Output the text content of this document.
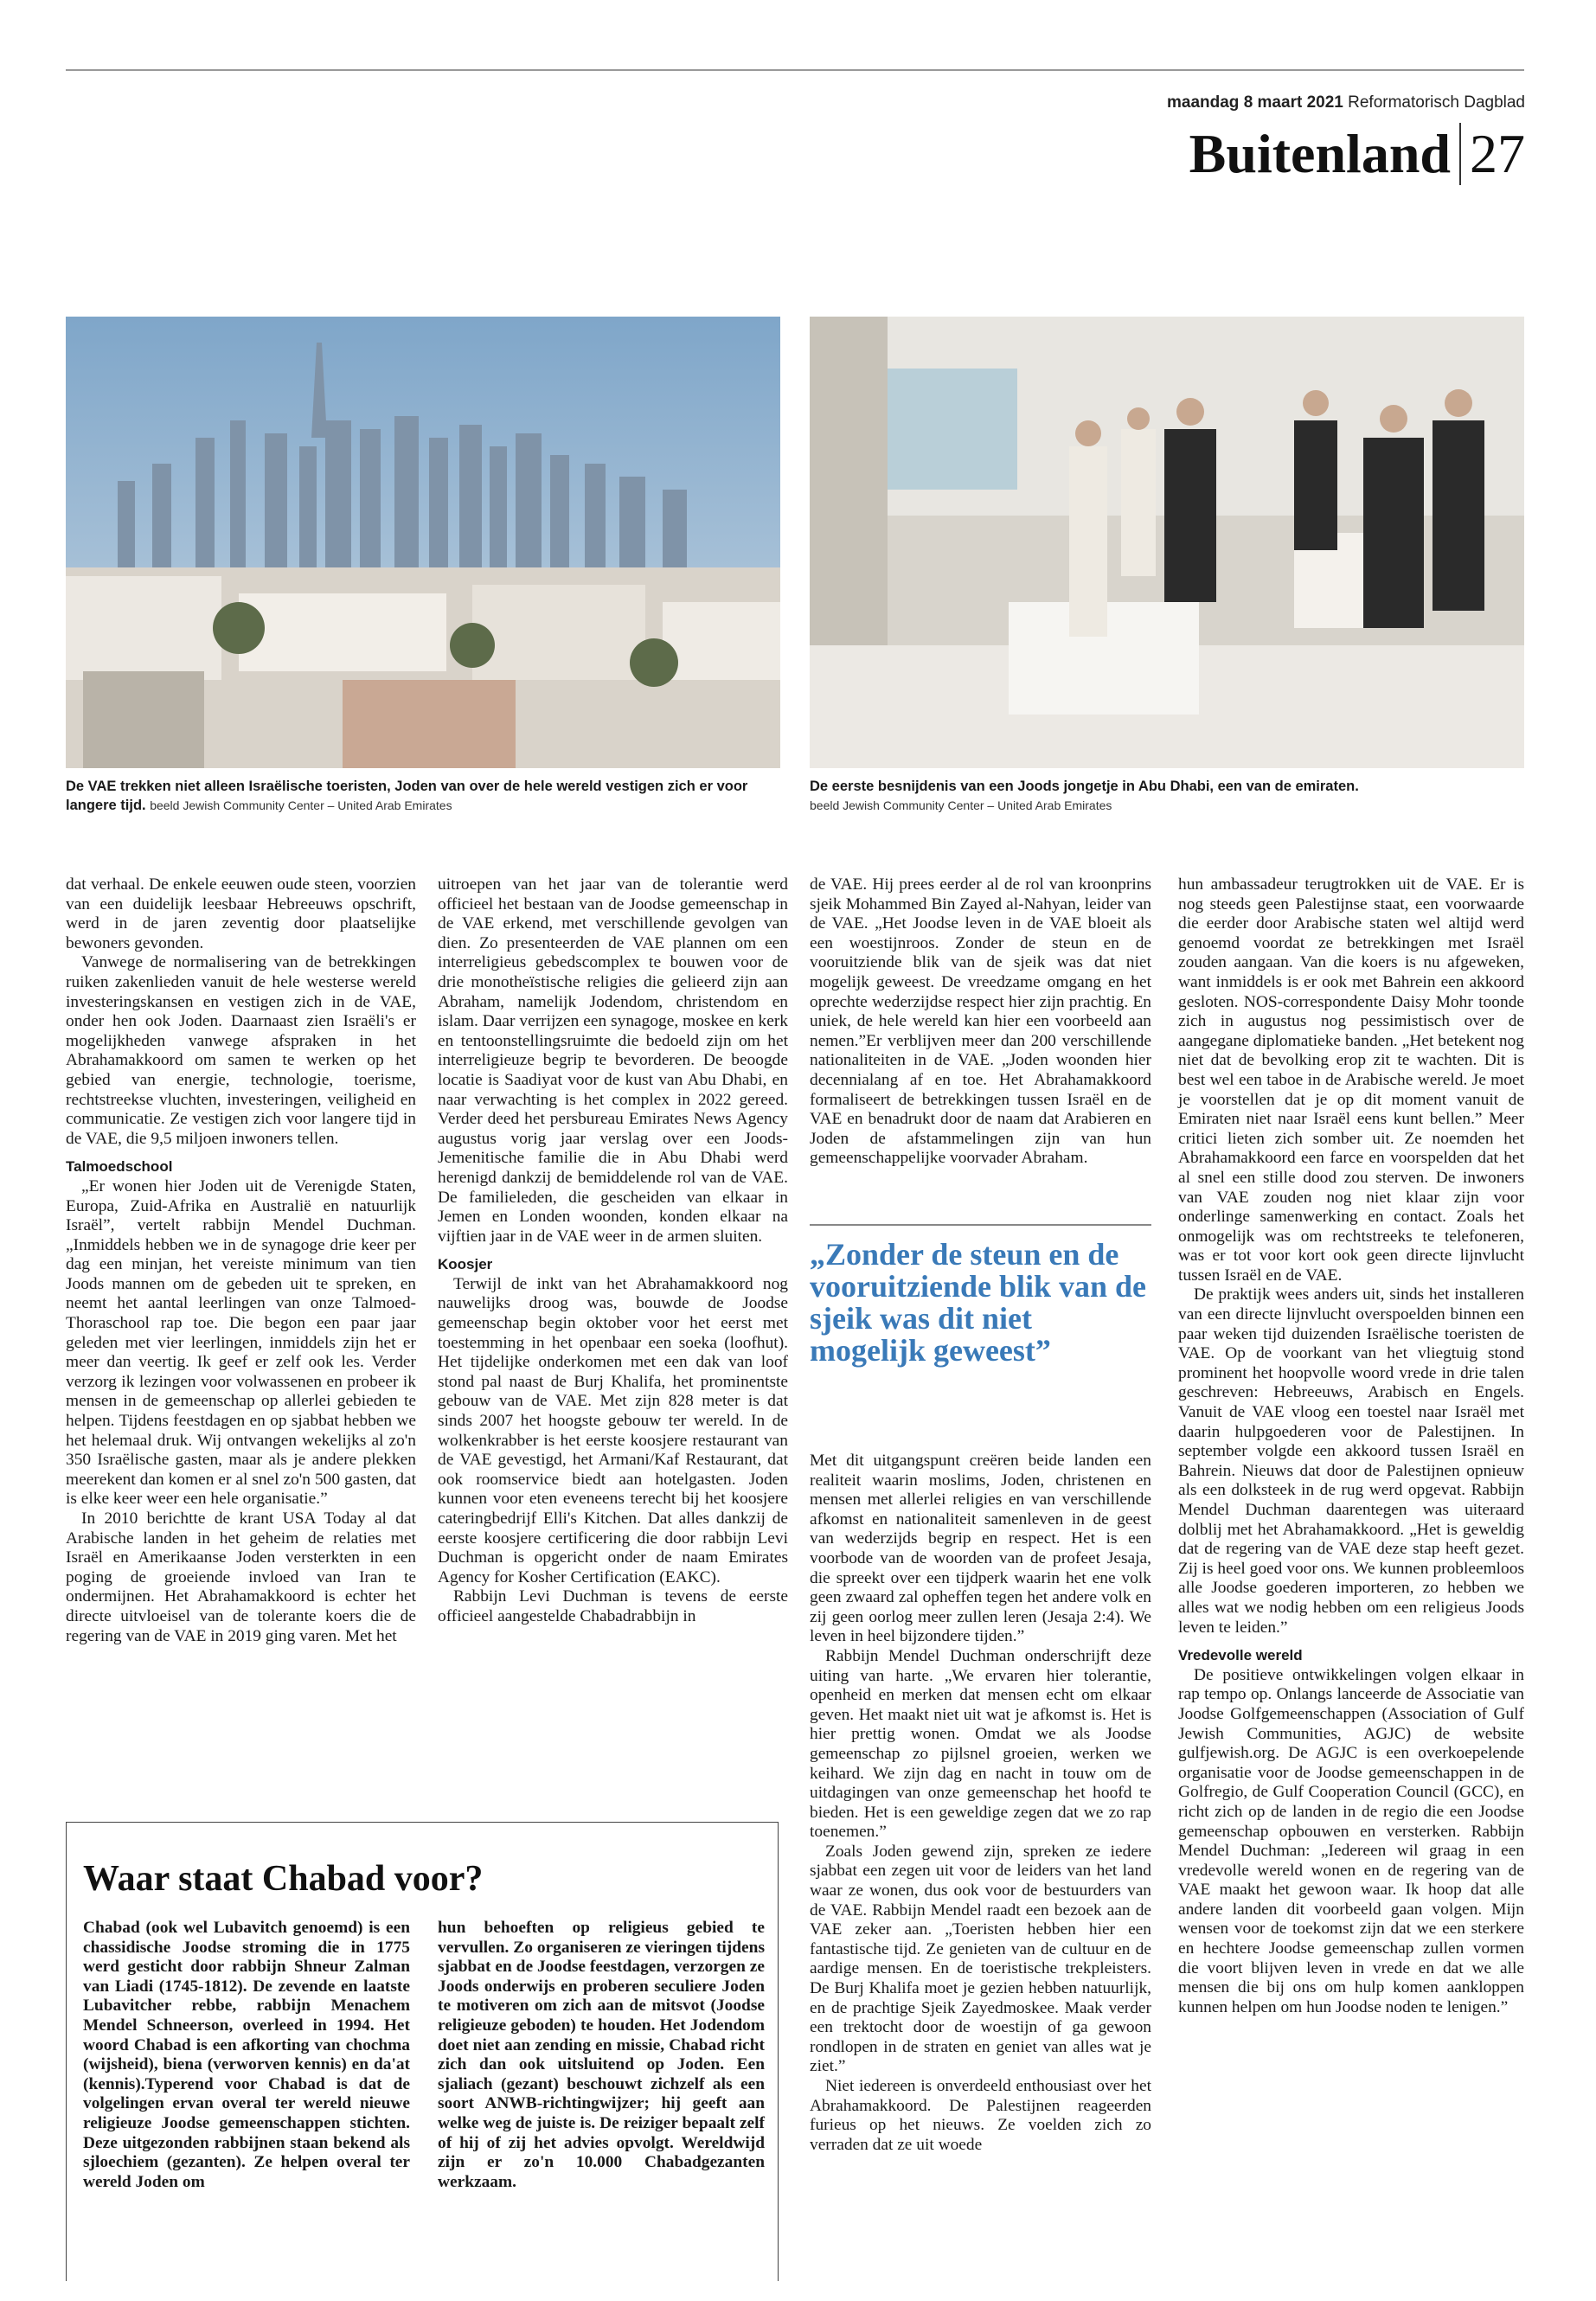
maandag 8 maart 2021 Reformatorisch Dagblad
Buitenland 27
De VAE trekken niet alleen Israëlische toeristen, Joden van over de hele wereld vestigen zich er voor langere tijd. beeld Jewish Community Center – United Arab Emirates
De eerste besnijdenis van een Joods jongetje in Abu Dhabi, een van de emiraten.
beeld Jewish Community Center – United Arab Emirates

dat verhaal. De enkele eeuwen oude steen, voorzien van een duidelijk leesbaar Hebreeuws opschrift, werd in de jaren zeventig door plaatselijke bewoners gevonden.

Vanwege de normalisering van de betrekkingen ruiken zakenlieden vanuit de hele westerse wereld investeringskansen en vestigen zich in de VAE, onder hen ook Joden. Daarnaast zien Israëli's er mogelijkheden vanwege afspraken in het Abrahamakkoord om samen te werken op het gebied van energie, technologie, toerisme, rechtstreekse vluchten, investeringen, veiligheid en communicatie. Ze vestigen zich voor langere tijd in de VAE, die 9,5 miljoen inwoners tellen.

Talmoedschool

„Er wonen hier Joden uit de Verenigde Staten, Europa, Zuid-Afrika en Australië en natuurlijk Israël”, vertelt rabbijn Mendel Duchman. „Inmiddels hebben we in de synagoge drie keer per dag een minjan, het vereiste minimum van tien Joods mannen om de gebeden uit te spreken, en neemt het aantal leerlingen van onze Talmoed-Thoraschool rap toe. Die begon een paar jaar geleden met vier leerlingen, inmiddels zijn het er meer dan veertig. Ik geef er zelf ook les. Verder verzorg ik lezingen voor volwassenen en probeer ik mensen in de gemeenschap op allerlei gebieden te helpen. Tijdens feestdagen en op sjabbat hebben we het helemaal druk. Wij ontvangen wekelijks al zo'n 350 Israëlische gasten, maar als je andere plekken meerekent dan komen er al snel zo'n 500 gasten, dat is elke keer weer een hele organisatie.”

In 2010 berichtte de krant USA Today al dat Arabische landen in het geheim de relaties met Israël en Amerikaanse Joden versterkten in een poging de groeiende invloed van Iran te ondermijnen. Het Abrahamakkoord is echter het directe uitvloeisel van de tolerante koers die de regering van de VAE in 2019 ging varen. Met het

uitroepen van het jaar van de tolerantie werd officieel het bestaan van de Joodse gemeenschap in de VAE erkend, met verschillende gevolgen van dien. Zo presenteerden de VAE plannen om een interreligieus gebedscomplex te bouwen voor de drie monotheïstische religies die gelieerd zijn aan Abraham, namelijk Jodendom, christendom en islam. Daar verrijzen een synagoge, moskee en kerk en tentoonstellingsruimte die bedoeld zijn om het interreligieuze begrip te bevorderen. De beoogde locatie is Saadiyat voor de kust van Abu Dhabi, en naar verwachting is het complex in 2022 gereed. Verder deed het persbureau Emirates News Agency augustus vorig jaar verslag over een Joods-Jemenitische familie die in Abu Dhabi werd herenigd dankzij de bemiddelende rol van de VAE. De familieleden, die gescheiden van elkaar in Jemen en Londen woonden, konden elkaar na vijftien jaar in de VAE weer in de armen sluiten.

Koosjer

Terwijl de inkt van het Abrahamakkoord nog nauwelijks droog was, bouwde de Joodse gemeenschap begin oktober voor het eerst met toestemming in het openbaar een soeka (loofhut). Het tijdelijke onderkomen met een dak van loof stond pal naast de Burj Khalifa, het prominentste gebouw van de VAE. Met zijn 828 meter is dat sinds 2007 het hoogste gebouw ter wereld. In de wolkenkrabber is het eerste koosjere restaurant van de VAE gevestigd, het Armani/Kaf Restaurant, dat ook roomservice biedt aan hotelgasten. Joden kunnen voor eten eveneens terecht bij het koosjere cateringbedrijf Elli's Kitchen. Dat alles dankzij de eerste koosjere certificering die door rabbijn Levi Duchman is opgericht onder de naam Emirates Agency for Kosher Certification (EAKC).

Rabbijn Levi Duchman is tevens de eerste officieel aangestelde Chabadrabbijn in

de VAE. Hij prees eerder al de rol van kroonprins sjeik Mohammed Bin Zayed al-Nahyan, leider van de VAE. „Het Joodse leven in de VAE bloeit als een woestijnroos. Zonder de steun en de vooruitziende blik van de sjeik was dat niet mogelijk geweest. De vreedzame omgang en het oprechte wederzijdse respect hier zijn prachtig. En uniek, de hele wereld kan hier een voorbeeld aan nemen.”Er verblijven meer dan 200 verschillende nationaliteiten in de VAE. „Joden woonden hier decennialang af en toe. Het Abrahamakkoord formaliseert de betrekkingen tussen Israël en de VAE en benadrukt door de naam dat Arabieren en Joden de afstammelingen zijn van hun gemeenschappelijke voorvader Abraham.

„Zonder de steun en de vooruitziende blik van de sjeik was dit niet mogelijk geweest”

Met dit uitgangspunt creëren beide landen een realiteit waarin moslims, Joden, christenen en mensen met allerlei religies en van verschillende afkomst en nationaliteit samenleven in de geest van wederzijds begrip en respect. Het is een voorbode van de woorden van de profeet Jesaja, die spreekt over een tijdperk waarin het ene volk geen zwaard zal opheffen tegen het andere volk en zij geen oorlog meer zullen leren (Jesaja 2:4). We leven in heel bijzondere tijden.”

Rabbijn Mendel Duchman onderschrijft deze uiting van harte. „We ervaren hier tolerantie, openheid en merken dat mensen echt om elkaar geven. Het maakt niet uit wat je afkomst is. Het is hier prettig wonen. Omdat we als Joodse gemeenschap zo pijlsnel groeien, werken we keihard. We zijn dag en nacht in touw om de uitdagingen van onze gemeenschap het hoofd te bieden. Het is een geweldige zegen dat we zo rap toenemen.”

Zoals Joden gewend zijn, spreken ze iedere sjabbat een zegen uit voor de leiders van het land waar ze wonen, dus ook voor de bestuurders van de VAE. Rabbijn Mendel raadt een bezoek aan de VAE zeker aan. „Toeristen hebben hier een fantastische tijd. Ze genieten van de cultuur en de aardige mensen. En de toeristische trekpleisters. De Burj Khalifa moet je gezien hebben natuurlijk, en de prachtige Sjeik Zayedmoskee. Maak verder een trektocht door de woestijn of ga gewoon rondlopen in de straten en geniet van alles wat je ziet.”

Niet iedereen is onverdeeld enthousiast over het Abrahamakkoord. De Palestijnen reageerden furieus op het nieuws. Ze voelden zich zo verraden dat ze uit woede

hun ambassadeur terugtrokken uit de VAE. Er is nog steeds geen Palestijnse staat, een voorwaarde die eerder door Arabische staten wel altijd werd genoemd voordat ze betrekkingen met Israël zouden aangaan. Van die koers is nu afgeweken, want inmiddels is er ook met Bahrein een akkoord gesloten. NOS-correspondente Daisy Mohr toonde zich in augustus nog pessimistisch over de aangegane diplomatieke banden. „Het betekent nog niet dat de bevolking erop zit te wachten. Dit is best wel een taboe in de Arabische wereld. Je moet je voorstellen dat je op dit moment vanuit de Emiraten niet naar Israël eens kunt bellen.” Meer critici lieten zich somber uit. Ze noemden het Abrahamakkoord een farce en voorspelden dat het al snel een stille dood zou sterven. De inwoners van VAE zouden nog niet klaar zijn voor onderlinge samenwerking en contact. Zoals het onmogelijk was om rechtstreeks te telefoneren, was er tot voor kort ook geen directe lijnvlucht tussen Israël en de VAE.

De praktijk wees anders uit, sinds het installeren van een directe lijnvlucht overspoelden binnen een paar weken tijd duizenden Israëlische toeristen de VAE. Op de voorkant van het vliegtuig stond prominent het hoopvolle woord vrede in drie talen geschreven: Hebreeuws, Arabisch en Engels. Vanuit de VAE vloog een toestel naar Israël met daarin hulpgoederen voor de Palestijnen. In september volgde een akkoord tussen Israël en Bahrein. Nieuws dat door de Palestijnen opnieuw als een dolksteek in de rug werd opgevat. Rabbijn Mendel Duchman daarentegen was uiteraard dolblij met het Abrahamakkoord. „Het is geweldig dat de regering van de VAE deze stap heeft gezet. Zij is heel goed voor ons. We kunnen probleemloos alle Joodse goederen importeren, zo hebben we alles wat we nodig hebben om een religieus Joods leven te leiden.”

Vredevolle wereld

De positieve ontwikkelingen volgen elkaar in rap tempo op. Onlangs lanceerde de Associatie van Joodse Golfgemeenschappen (Association of Gulf Jewish Communities, AGJC) de website gulfjewish.org. De AGJC is een overkoepelende organisatie voor de Joodse gemeenschappen in de Golfregio, de Gulf Cooperation Council (GCC), en richt zich op de landen in de regio die een Joodse gemeenschap opbouwen en versterken. Rabbijn Mendel Duchman: „Iedereen wil graag in een vredevolle wereld wonen en de regering van de VAE maakt het gewoon waar. Ik hoop dat alle andere landen dit voorbeeld gaan volgen. Mijn wensen voor de toekomst zijn dat we een sterkere en hechtere Joodse gemeenschap zullen vormen die voort blijven leven in vrede en dat we alle mensen die bij ons om hulp komen aankloppen kunnen helpen om hun Joodse noden te lenigen.”

Waar staat Chabad voor?

Chabad (ook wel Lubavitch genoemd) is een chassidische Joodse stroming die in 1775 werd gesticht door rabbijn Shneur Zalman van Liadi (1745-1812). De zevende en laatste Lubavitcher rebbe, rabbijn Menachem Mendel Schneerson, overleed in 1994. Het woord Chabad is een afkorting van chochma (wijsheid), biena (verworven kennis) en da'at (kennis).Typerend voor Chabad is dat de volgelingen ervan overal ter wereld nieuwe religieuze Joodse gemeenschappen stichten. Deze uitgezonden rabbijnen staan bekend als sjloechiem (gezanten). Ze helpen overal ter wereld Joden om

hun behoeften op religieus gebied te vervullen. Zo organiseren ze vieringen tijdens sjabbat en de Joodse feestdagen, verzorgen ze Joods onderwijs en proberen seculiere Joden te motiveren om zich aan de mitsvot (Joodse religieuze geboden) te houden. Het Jodendom doet niet aan zending en missie, Chabad richt zich dan ook uitsluitend op Joden. Een sjaliach (gezant) beschouwt zichzelf als een soort ANWB-richtingwijzer; hij geeft aan welke weg de juiste is. De reiziger bepaalt zelf of hij of zij het advies opvolgt. Wereldwijd zijn er zo'n 10.000 Chabadgezanten werkzaam.
